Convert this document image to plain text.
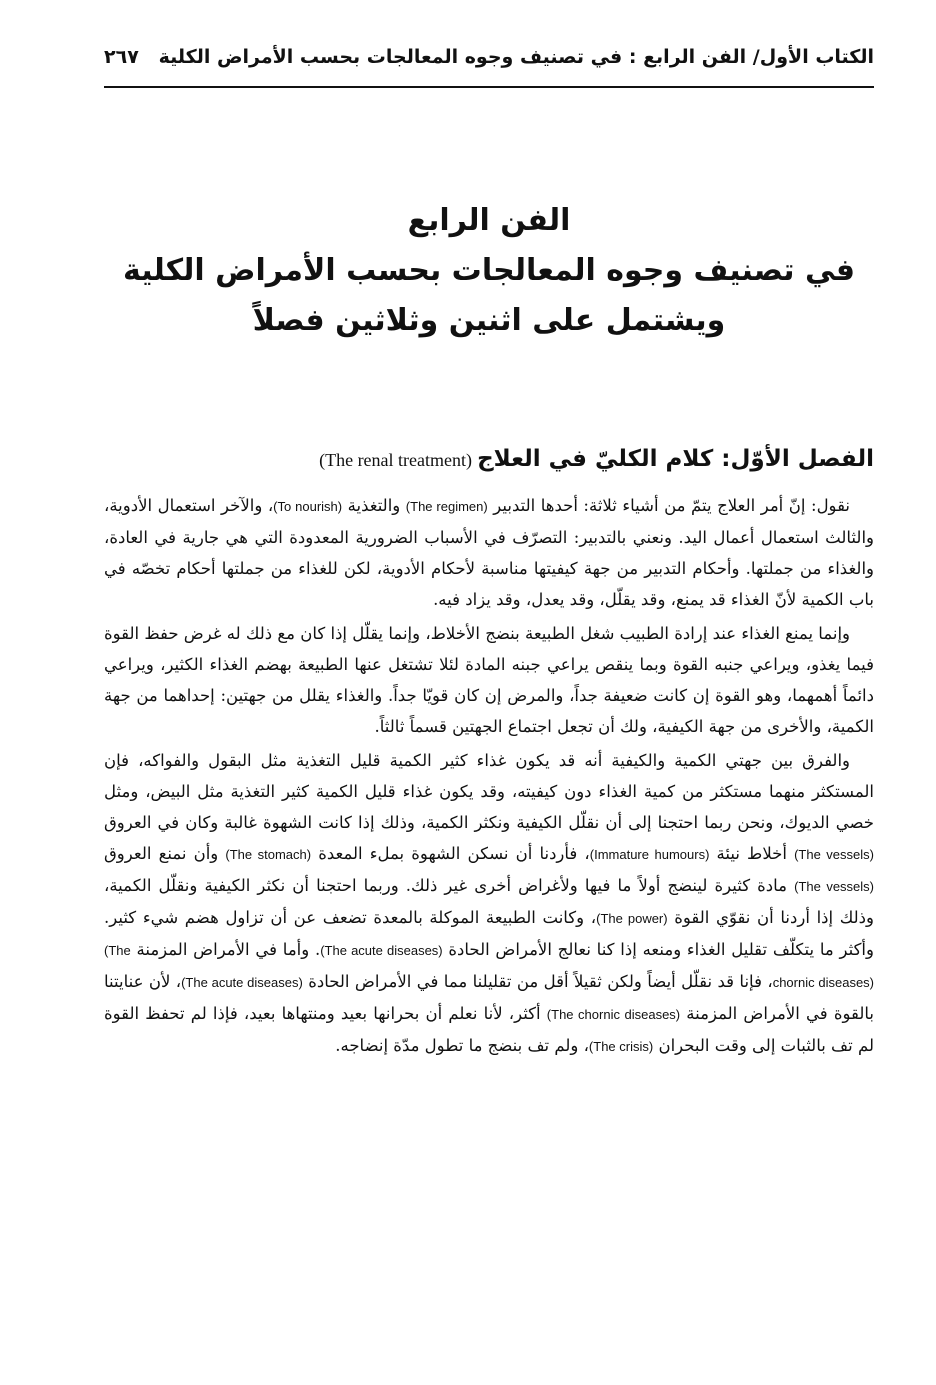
الكتاب الأول/ الفن الرابع : في تصنيف وجوه المعالجات بحسب الأمراض الكلية
٢٦٧
الفن الرابع
في تصنيف وجوه المعالجات بحسب الأمراض الكلية
ويشتمل على اثنين وثلاثين فصلاً
الفصل الأوّل: كلام الكليّ في العلاج (The renal treatment)

نقول: إنّ أمر العلاج يتمّ من أشياء ثلاثة: أحدها التدبير (The regimen) والتغذية (To nourish)، والآخر استعمال الأدوية، والثالث استعمال أعمال اليد. ونعني بالتدبير: التصرّف في الأسباب الضرورية المعدودة التي هي جارية في العادة، والغذاء من جملتها. وأحكام التدبير من جهة كيفيتها مناسبة لأحكام الأدوية، لكن للغذاء من جملتها أحكام تخصّه في باب الكمية لأنّ الغذاء قد يمنع، وقد يقلّل، وقد يعدل، وقد يزاد فيه.

وإنما يمنع الغذاء عند إرادة الطبيب شغل الطبيعة بنضج الأخلاط، وإنما يقلّل إذا كان مع ذلك له غرض حفظ القوة فيما يغذو، ويراعي جنبه القوة وبما ينقص يراعي جبنه المادة لئلا تشتغل عنها الطبيعة بهضم الغذاء الكثير، ويراعي دائماً أهمهما، وهو القوة إن كانت ضعيفة جداً، والمرض إن كان قويّا جداً. والغذاء يقلل من جهتين: إحداهما من جهة الكمية، والأخرى من جهة الكيفية، ولك أن تجعل اجتماع الجهتين قسماً ثالثاً.

والفرق بين جهتي الكمية والكيفية أنه قد يكون غذاء كثير الكمية قليل التغذية مثل البقول والفواكه، فإن المستكثر منهما مستكثر من كمية الغذاء دون كيفيته، وقد يكون غذاء قليل الكمية كثير التغذية مثل البيض، ومثل خصي الديوك، ونحن ربما احتجنا إلى أن نقلّل الكيفية ونكثر الكمية، وذلك إذا كانت الشهوة غالبة وكان في العروق (The vessels) أخلاط نيئة (Immature humours)، فأردنا أن نسكن الشهوة بملء المعدة (The stomach) وأن نمنع العروق (The vessels) مادة كثيرة لينضج أولاً ما فيها ولأغراض أخرى غير ذلك. وربما احتجنا أن نكثر الكيفية ونقلّل الكمية، وذلك إذا أردنا أن نقوّي القوة (The power)، وكانت الطبيعة الموكلة بالمعدة تضعف عن أن تزاول هضم شيء كثير. وأكثر ما يتكلّف تقليل الغذاء ومنعه إذا كنا نعالج الأمراض الحادة (The acute diseases). وأما في الأمراض المزمنة (The chornic diseases)، فإنا قد نقلّل أيضاً ولكن ثقيلاً أقل من تقليلنا مما في الأمراض الحادة (The acute diseases)، لأن عنايتنا بالقوة في الأمراض المزمنة (The chornic diseases) أكثر، لأنا نعلم أن بحرانها بعيد ومنتهاها بعيد، فإذا لم تحفظ القوة لم تف بالثبات إلى وقت البحران (The crisis)، ولم تف بنضج ما تطول مدّة إنضاجه.
